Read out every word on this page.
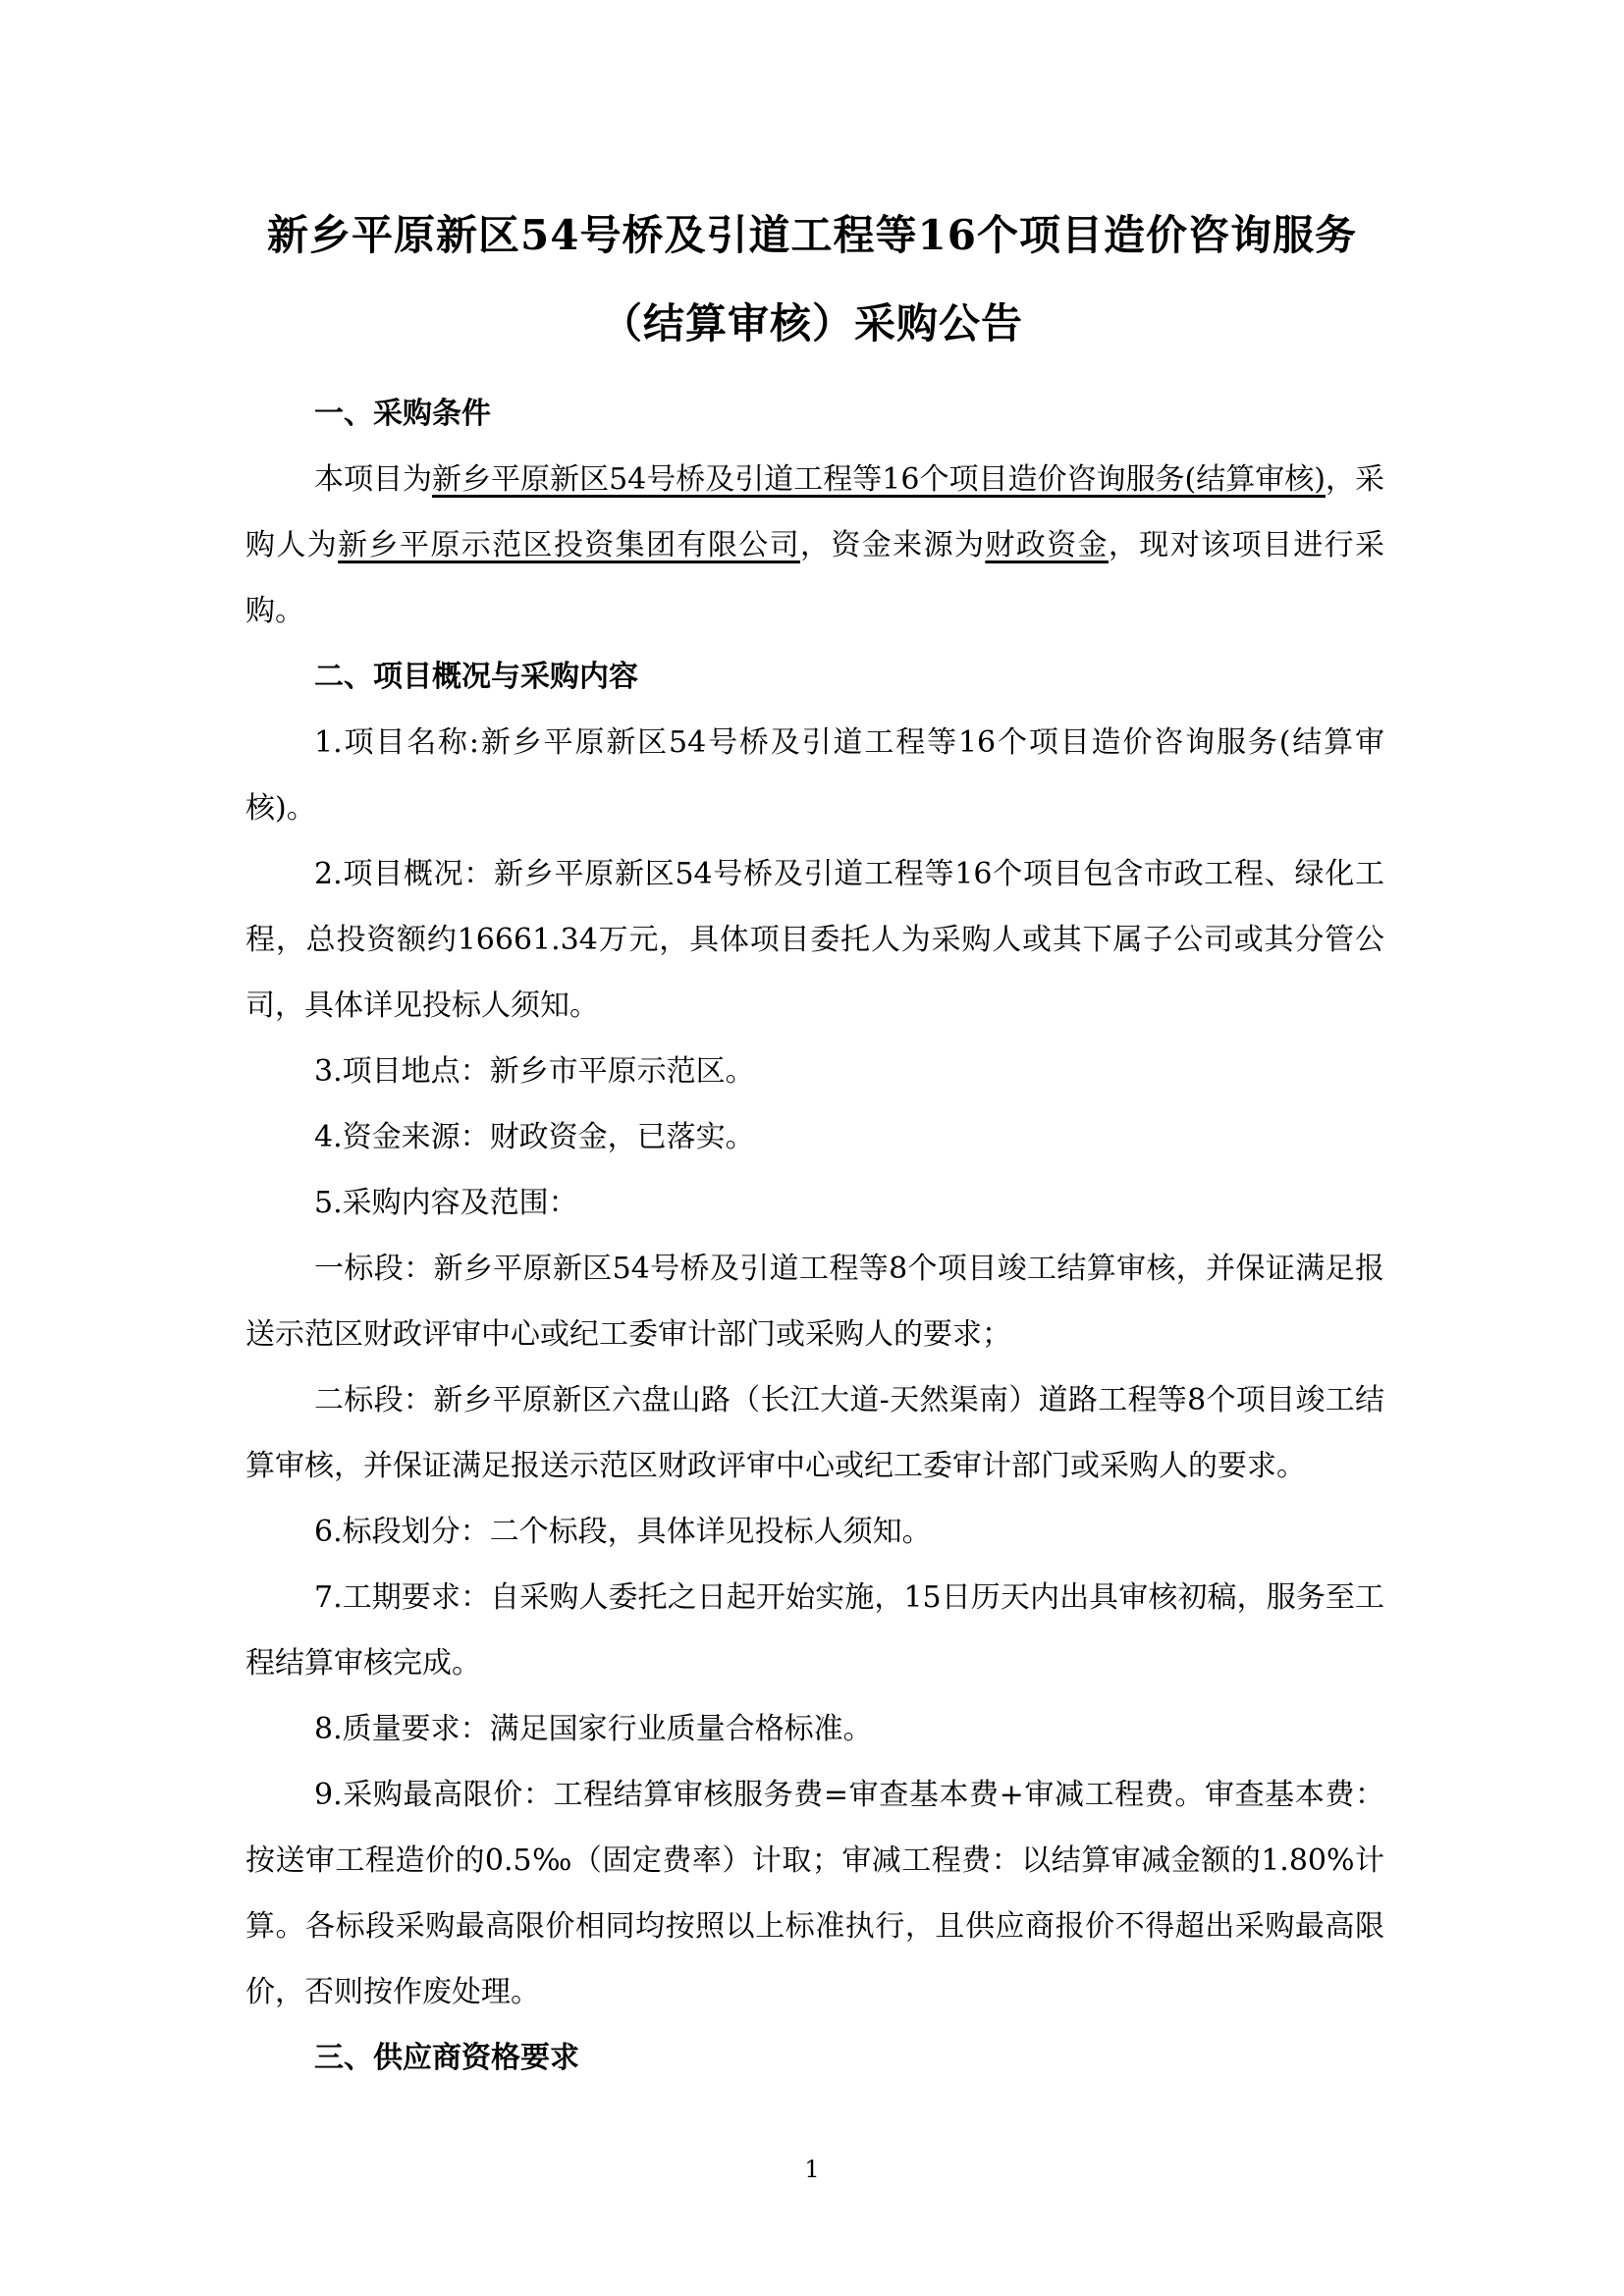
新乡平原新区54号桥及引道工程等16个项目造价咨询服务
（结算审核）采购公告

一、采购条件

本项目为新乡平原新区54号桥及引道工程等16个项目造价咨询服务(结算审核)，采购人为新乡平原示范区投资集团有限公司，资金来源为财政资金，现对该项目进行采购。

二、项目概况与采购内容

1.项目名称:新乡平原新区54号桥及引道工程等16个项目造价咨询服务(结算审核)。

2.项目概况：新乡平原新区54号桥及引道工程等16个项目包含市政工程、绿化工程，总投资额约16661.34万元，具体项目委托人为采购人或其下属子公司或其分管公司，具体详见投标人须知。

3.项目地点：新乡市平原示范区。

4.资金来源：财政资金，已落实。

5.采购内容及范围：

一标段：新乡平原新区54号桥及引道工程等8个项目竣工结算审核，并保证满足报送示范区财政评审中心或纪工委审计部门或采购人的要求；

二标段：新乡平原新区六盘山路（长江大道-天然渠南）道路工程等8个项目竣工结算审核，并保证满足报送示范区财政评审中心或纪工委审计部门或采购人的要求。

6.标段划分：二个标段，具体详见投标人须知。

7.工期要求：自采购人委托之日起开始实施，15日历天内出具审核初稿，服务至工程结算审核完成。

8.质量要求：满足国家行业质量合格标准。

9.采购最高限价：工程结算审核服务费=审查基本费+审减工程费。审查基本费：按送审工程造价的0.5‰（固定费率）计取；审减工程费：以结算审减金额的1.80%计算。各标段采购最高限价相同均按照以上标准执行，且供应商报价不得超出采购最高限价，否则按作废处理。

三、供应商资格要求

1
